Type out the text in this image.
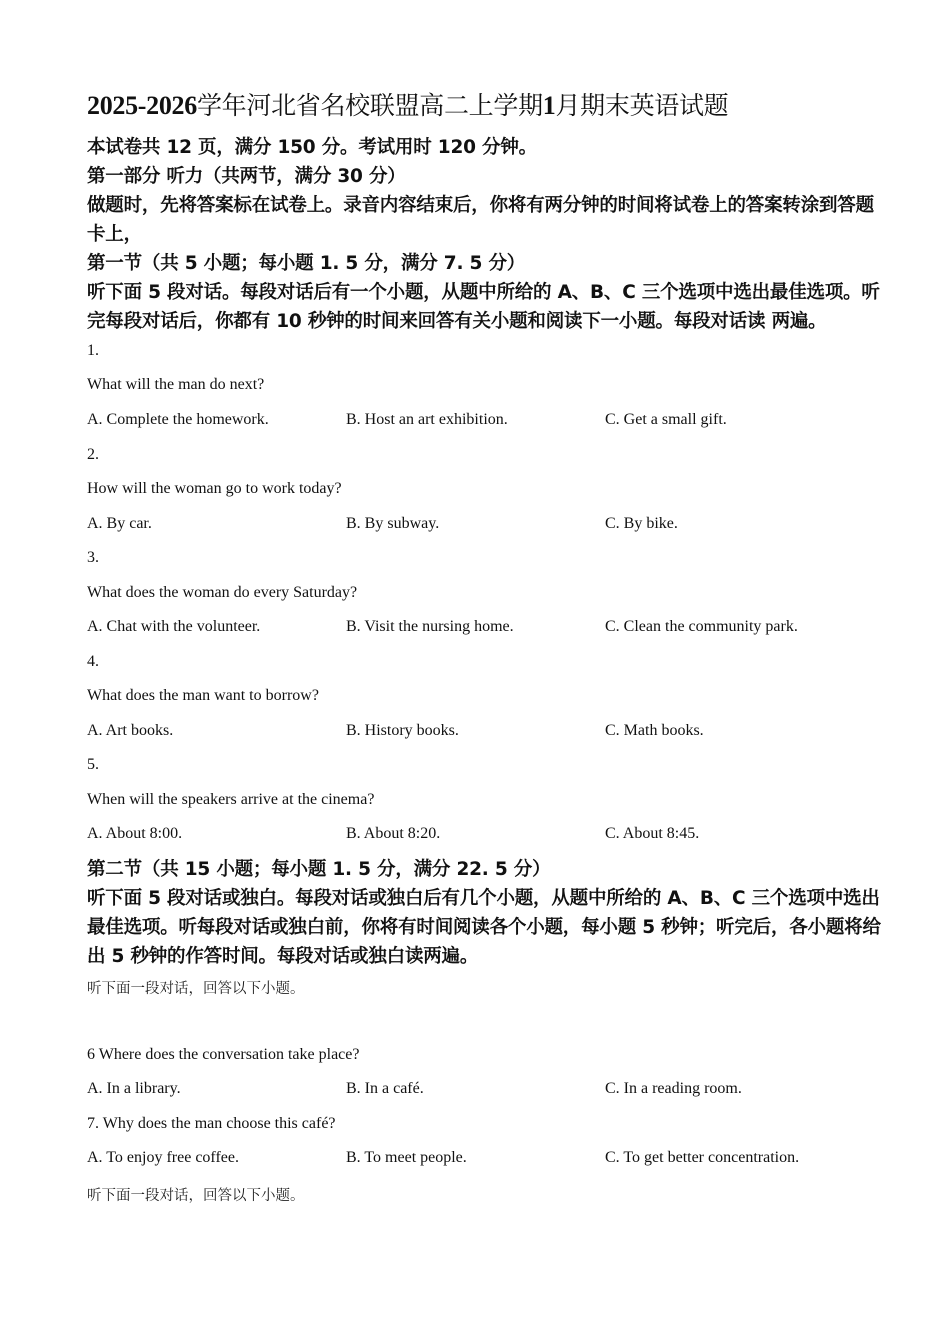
2025-2026学年河北省名校联盟高二上学期1月期末英语试题
本试卷共 12 页，满分 150 分。考试用时 120 分钟。
第一部分 听力（共两节，满分 30 分）
做题时，先将答案标在试卷上。录音内容结束后，你将有两分钟的时间将试卷上的答案转涂到答题卡上，
第一节（共 5 小题；每小题 1. 5 分，满分 7. 5 分）
听下面 5 段对话。每段对话后有一个小题，从题中所给的 A、B、C 三个选项中选出最佳选项。听完每段对话后，你都有 10 秒钟的时间来回答有关小题和阅读下一小题。每段对话读 两遍。
1.
What will the man do next?
A. Complete the homework.	B. Host an art exhibition.	C. Get a small gift.
2.
How will the woman go to work today?
A. By car.	B. By subway.	C. By bike.
3.
What does the woman do every Saturday?
A. Chat with the volunteer.	B. Visit the nursing home.	C. Clean the community park.
4.
What does the man want to borrow?
A. Art books.	B. History books.	C. Math books.
5.
When will the speakers arrive at the cinema?
A. About 8:00.	B. About 8:20.	C. About 8:45.
第二节（共 15 小题；每小题 1. 5 分，满分 22. 5 分）
听下面 5 段对话或独白。每段对话或独白后有几个小题，从题中所给的 A、B、C 三个选项中选出最佳选项。听每段对话或独白前，你将有时间阅读各个小题，每小题 5 秒钟；听完后，各小题将给出 5 秒钟的作答时间。每段对话或独白读两遍。
听下面一段对话，回答以下小题。
6 Where does the conversation take place?
A. In a library.	B. In a café.	C. In a reading room.
7. Why does the man choose this café?
A. To enjoy free coffee.	B. To meet people.	C. To get better concentration.
听下面一段对话，回答以下小题。
